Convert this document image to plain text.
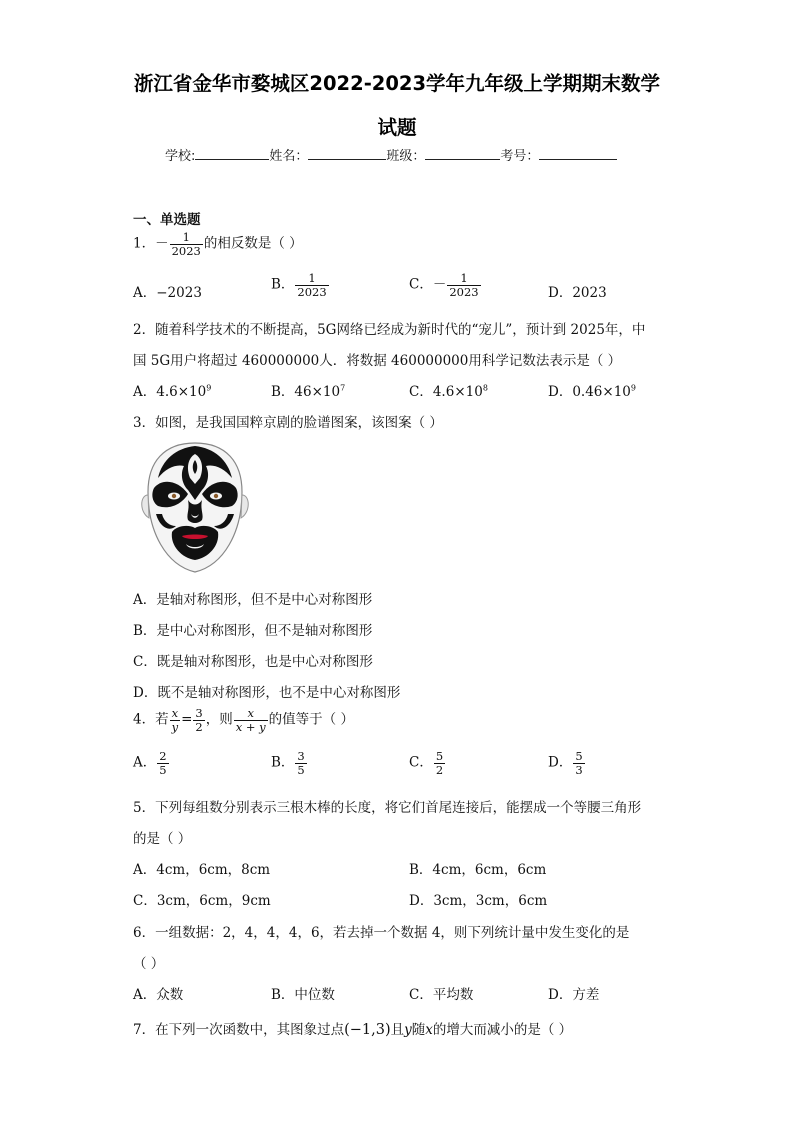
浙江省金华市婺城区2022-2023学年九年级上学期期末数学
试题
学校:	姓名：	班级：	考号：
一、单选题
1．－ $\frac{1}{2023}$ 的相反数是（ ）
A．−2023
B． $\frac{1}{2023}$	C．－ $\frac{1}{2023}$	D．2023
2．随着科学技术的不断提高，5G网络已经成为新时代的“宠儿”，预计到 2025年，中
国 5G用户将超过 460000000人．将数据 460000000用科学记数法表示是（ ）
A．$4.6\times 10^9$	B．$46\times 10^7$	C．$4.6\times 10^8$	D．$0.46\times 10^9$
3．如图，是我国国粹京剧的脸谱图案，该图案（ ）
A．是轴对称图形，但不是中心对称图形
B．是中心对称图形，但不是轴对称图形
C．既是轴对称图形，也是中心对称图形
D．既不是轴对称图形，也不是中心对称图形
4．若 $\frac{x}{y} = \frac{3}{2}$ ，则 $\frac{x}{x + y}$ 的值等于（ ）
A． $\frac{2}{5}$	B． $\frac{3}{5}$	C． $\frac{5}{2}$	D． $\frac{5}{3}$
5．下列每组数分别表示三根木棒的长度，将它们首尾连接后，能摆成一个等腰三角形
的是（ ）
A．4cm，6cm，8cm	B．4cm，6cm，6cm
C．3cm，6cm，9cm	D．3cm，3cm，6cm
6．一组数据：2，4，4，4，6，若去掉一个数据 4，则下列统计量中发生变化的是
（ ）
A．众数	B．中位数	C．平均数	D．方差
7．在下列一次函数中，其图象过点(−1,3)且y随x的增大而减小的是（ ）
